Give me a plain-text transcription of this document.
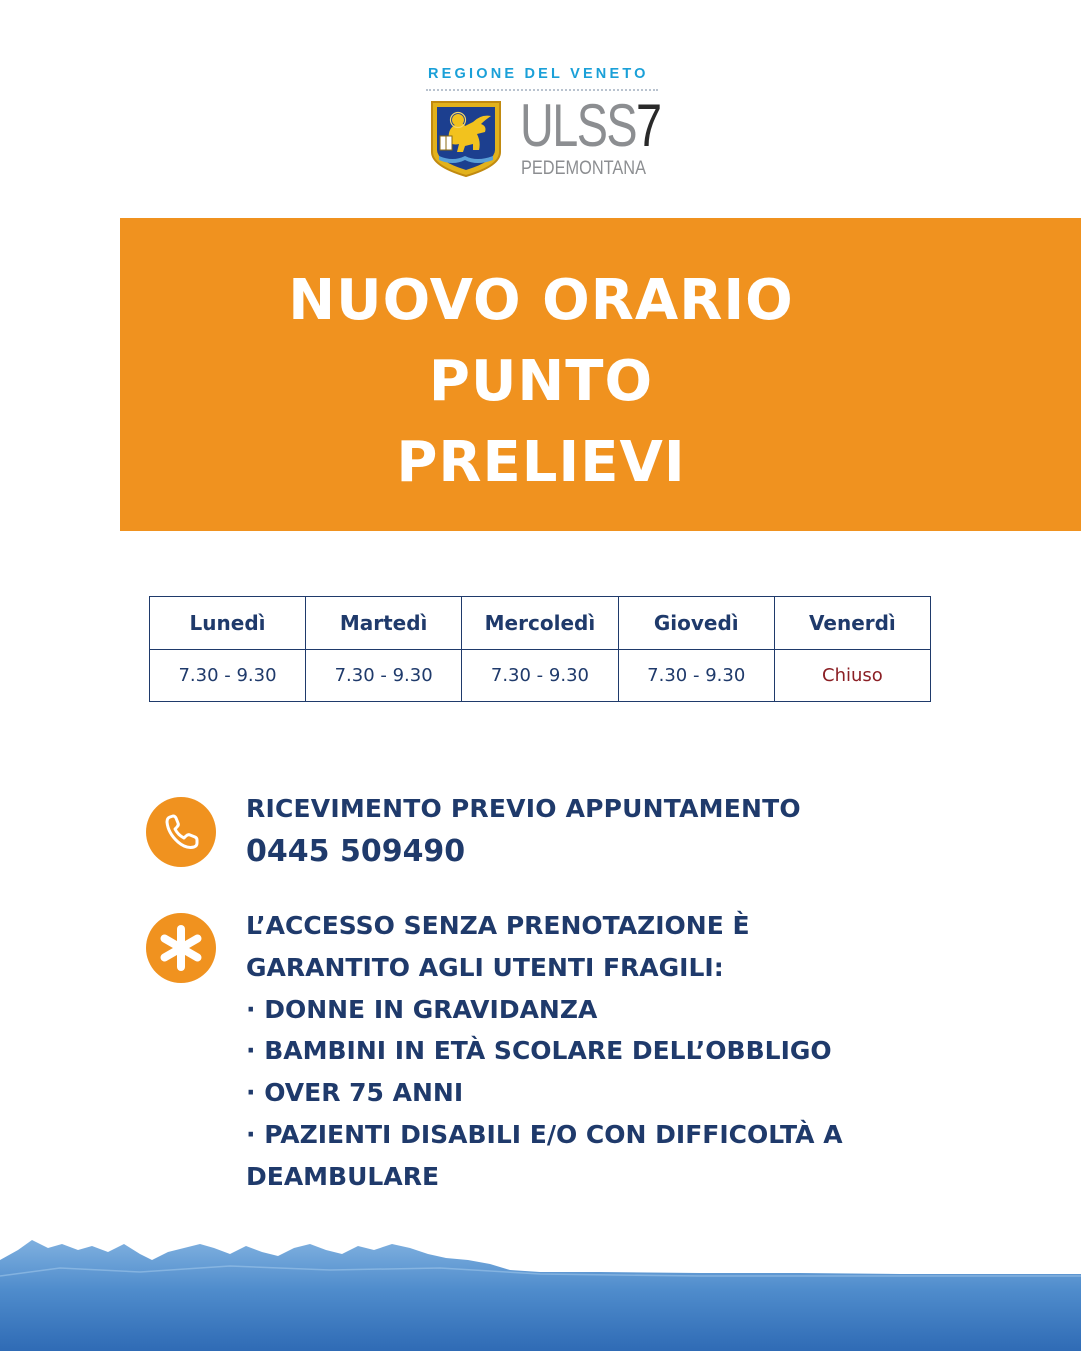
REGIONE DEL VENETO
ULSS7
PEDEMONTANA
NUOVO ORARIO
PUNTO
PRELIEVI
Lunedì	Martedì	Mercoledì	Giovedì	Venerdì
7.30 - 9.30	7.30 - 9.30	7.30 - 9.30	7.30 - 9.30	Chiuso

RICEVIMENTO PREVIO APPUNTAMENTO

0445 509490

L’ACCESSO SENZA PRENOTAZIONE È
GARANTITO AGLI UTENTI FRAGILI:
· DONNE IN GRAVIDANZA
· BAMBINI IN ETÀ SCOLARE DELL’OBBLIGO
· OVER 75 ANNI
· PAZIENTI DISABILI E/O CON DIFFICOLTÀ A
DEAMBULARE
